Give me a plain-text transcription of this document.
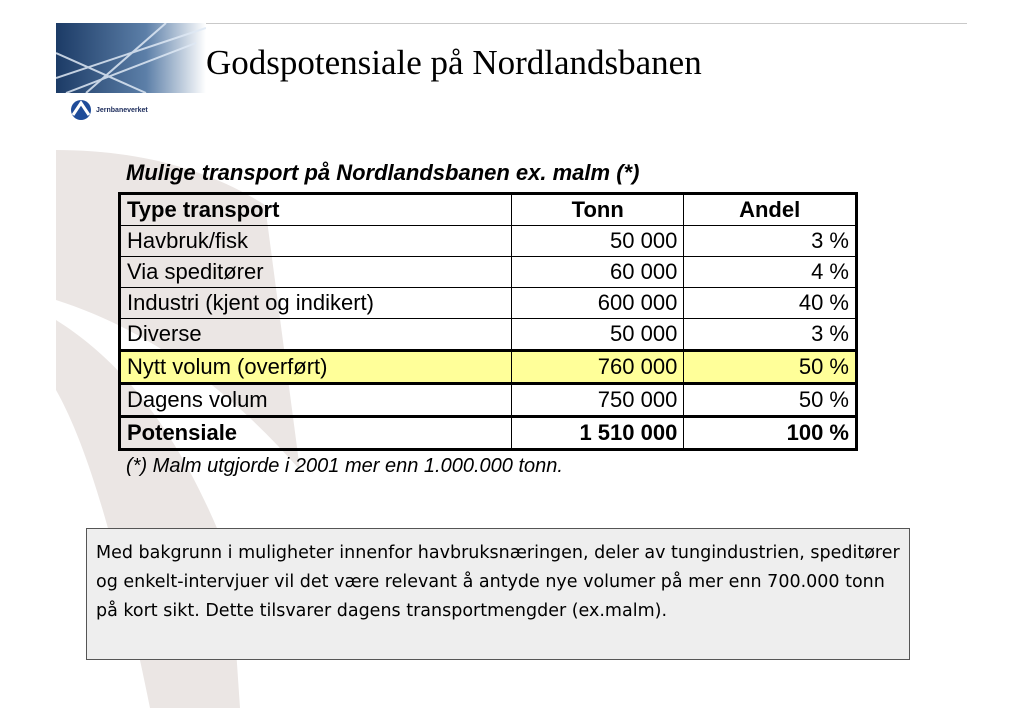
Godspotensiale på Nordlandsbanen
Jernbaneverket
Mulige transport på Nordlandsbanen ex. malm (*)
Type transport	Tonn	Andel
Havbruk/fisk	50 000	3 %
Via speditører	60 000	4 %
Industri (kjent og indikert)	600 000	40 %
Diverse	50 000	3 %
Nytt volum (overført)	760 000	50 %
Dagens volum	750 000	50 %
Potensiale	1 510 000	100 %
(*) Malm utgjorde i 2001 mer enn 1.000.000 tonn.
Med bakgrunn i muligheter innenfor havbruksnæringen, deler av tungindustrien, speditører og enkelt-intervjuer vil det være relevant å antyde nye volumer på mer enn 700.000 tonn på kort sikt. Dette tilsvarer dagens transportmengder (ex.malm).
